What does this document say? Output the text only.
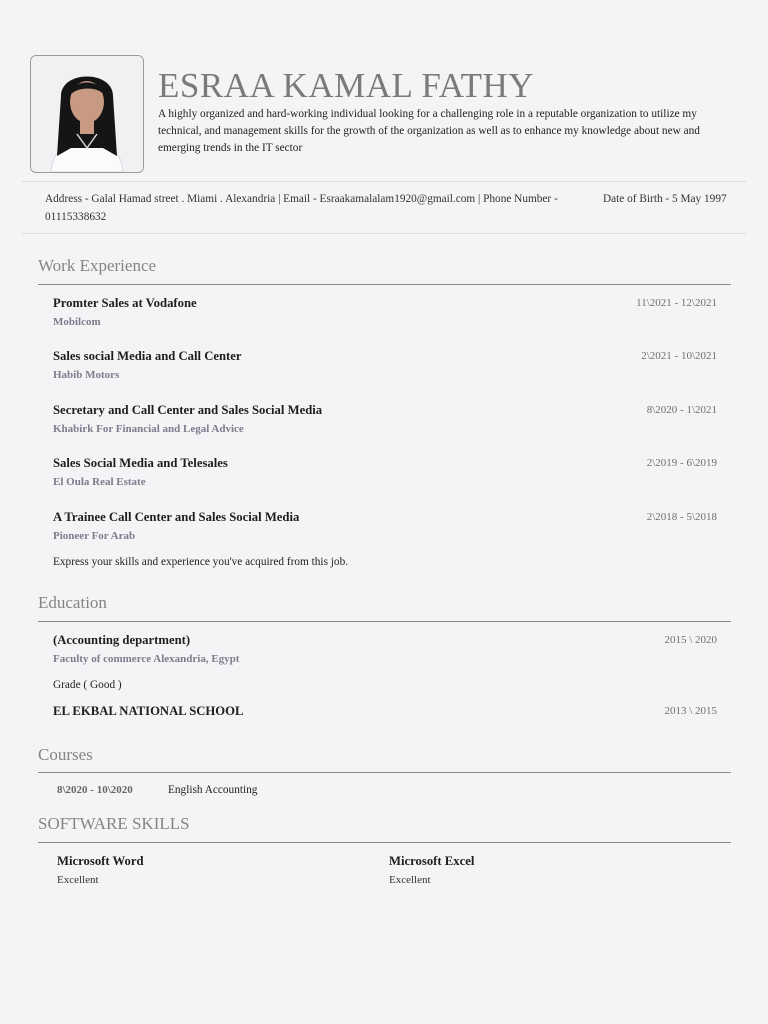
ESRAA KAMAL FATHY

A highly organized and hard-working individual looking for a challenging role in a reputable organization to utilize my technical, and management skills for the growth of the organization as well as to enhance my knowledge about new and emerging trends in the IT sector

Address - Galal Hamad street . Miami . Alexandria | Email - Esraakamalalam1920@gmail.com | Phone Number - 01115338632
Date of Birth - 5 May 1997
Work Experience
Promter Sales at Vodafone
Mobilcom
11\2021 - 12\2021
Sales social Media and Call Center
Habib Motors
2\2021 - 10\2021
Secretary and Call Center and Sales Social Media
Khabirk For Financial and Legal Advice
8\2020 - 1\2021
Sales Social Media and Telesales
El Oula Real Estate
2\2019 - 6\2019
A Trainee Call Center and Sales Social Media
Pioneer For Arab
2\2018 - 5\2018
Express your skills and experience you've acquired from this job.
Education
(Accounting department)
Faculty of commerce Alexandria, Egypt
2015 \ 2020
Grade ( Good )
EL EKBAL NATIONAL SCHOOL	2013 \ 2015
Courses
8\2020 - 10\2020	English Accounting
SOFTWARE SKILLS
Microsoft Word
Excellent
Microsoft Excel
Excellent
